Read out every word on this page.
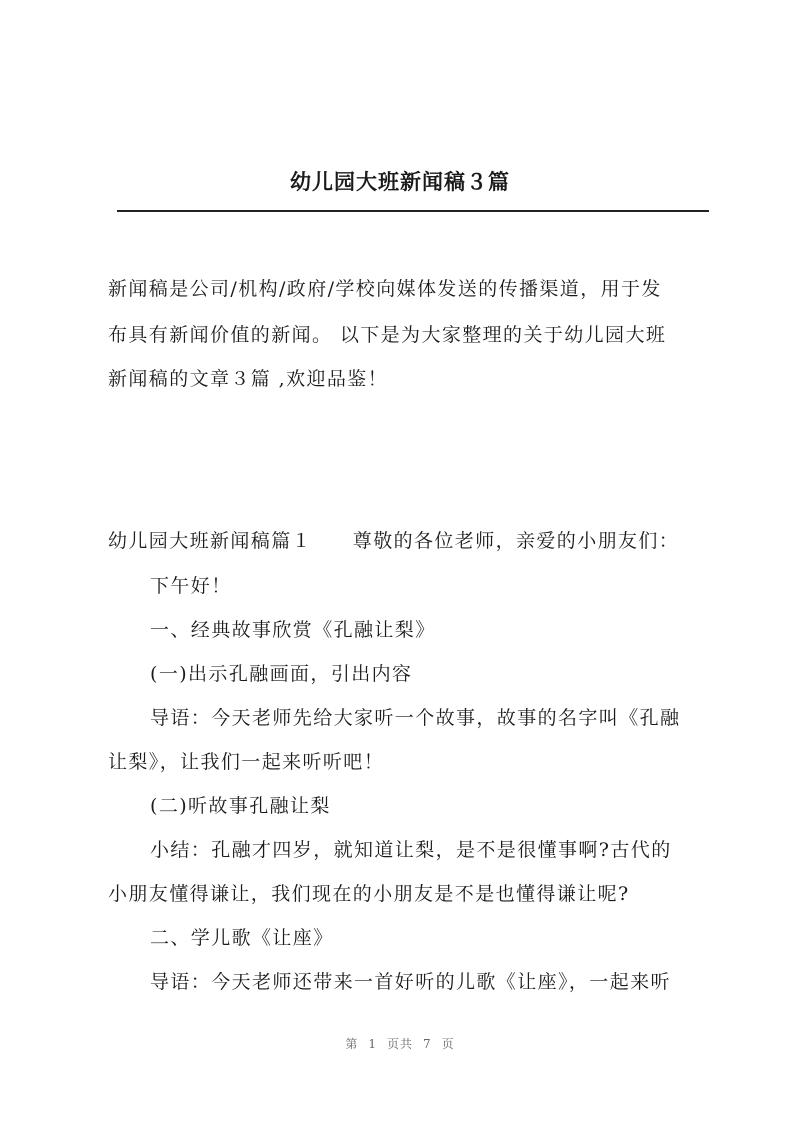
幼儿园大班新闻稿３篇
新闻稿是公司/机构/政府/学校向媒体发送的传播渠道，用于发
布具有新闻价值的新闻。 以下是为大家整理的关于幼儿园大班
新闻稿的文章３篇 ,欢迎品鉴！
幼儿园大班新闻稿篇１　　尊敬的各位老师，亲爱的小朋友们：
下午好！
一、经典故事欣赏《孔融让梨》
(一)出示孔融画面，引出内容
导语：今天老师先给大家听一个故事，故事的名字叫《孔融
让梨》，让我们一起来听听吧！
(二)听故事孔融让梨
小结：孔融才四岁，就知道让梨，是不是很懂事啊?古代的
小朋友懂得谦让，我们现在的小朋友是不是也懂得谦让呢?
二、学儿歌《让座》
导语：今天老师还带来一首好听的儿歌《让座》，一起来听
第 1 页共 7 页
